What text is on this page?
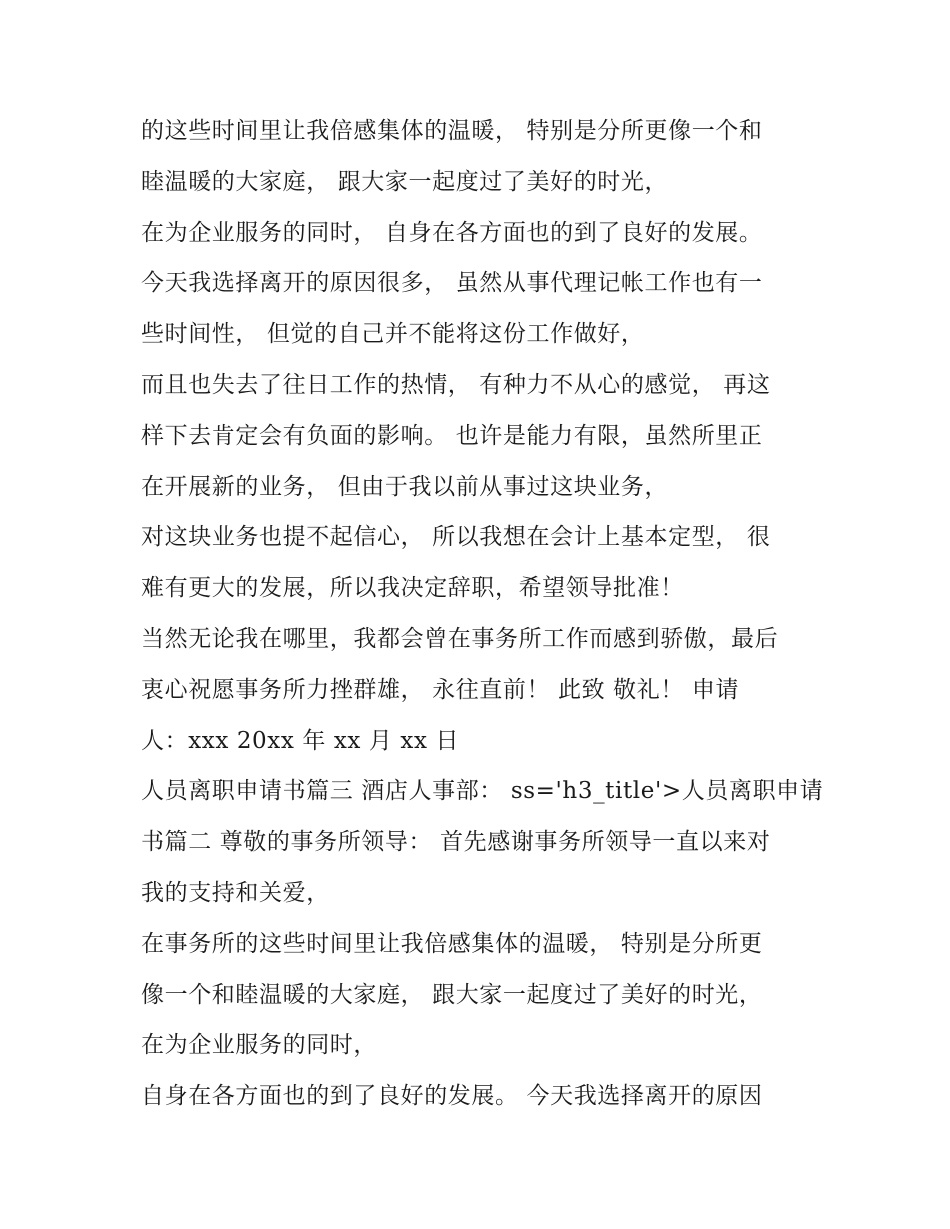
的这些时间里让我倍感集体的温暖， 特别是分所更像一个和
睦温暖的大家庭， 跟大家一起度过了美好的时光，
在为企业服务的同时， 自身在各方面也的到了良好的发展。
今天我选择离开的原因很多， 虽然从事代理记帐工作也有一
些时间性， 但觉的自己并不能将这份工作做好，
而且也失去了往日工作的热情， 有种力不从心的感觉， 再这
样下去肯定会有负面的影响。 也许是能力有限，虽然所里正
在开展新的业务， 但由于我以前从事过这块业务，
对这块业务也提不起信心， 所以我想在会计上基本定型， 很
难有更大的发展，所以我决定辞职，希望领导批准！
当然无论我在哪里，我都会曾在事务所工作而感到骄傲，最后
衷心祝愿事务所力挫群雄， 永往直前！ 此致 敬礼！ 申请
人：xxx 20xx 年 xx 月 xx 日
人员离职申请书篇三 酒店人事部： ss='h3_title'>人员离职申请
书篇二 尊敬的事务所领导： 首先感谢事务所领导一直以来对
我的支持和关爱，
在事务所的这些时间里让我倍感集体的温暖， 特别是分所更
像一个和睦温暖的大家庭， 跟大家一起度过了美好的时光，
在为企业服务的同时，
自身在各方面也的到了良好的发展。 今天我选择离开的原因
